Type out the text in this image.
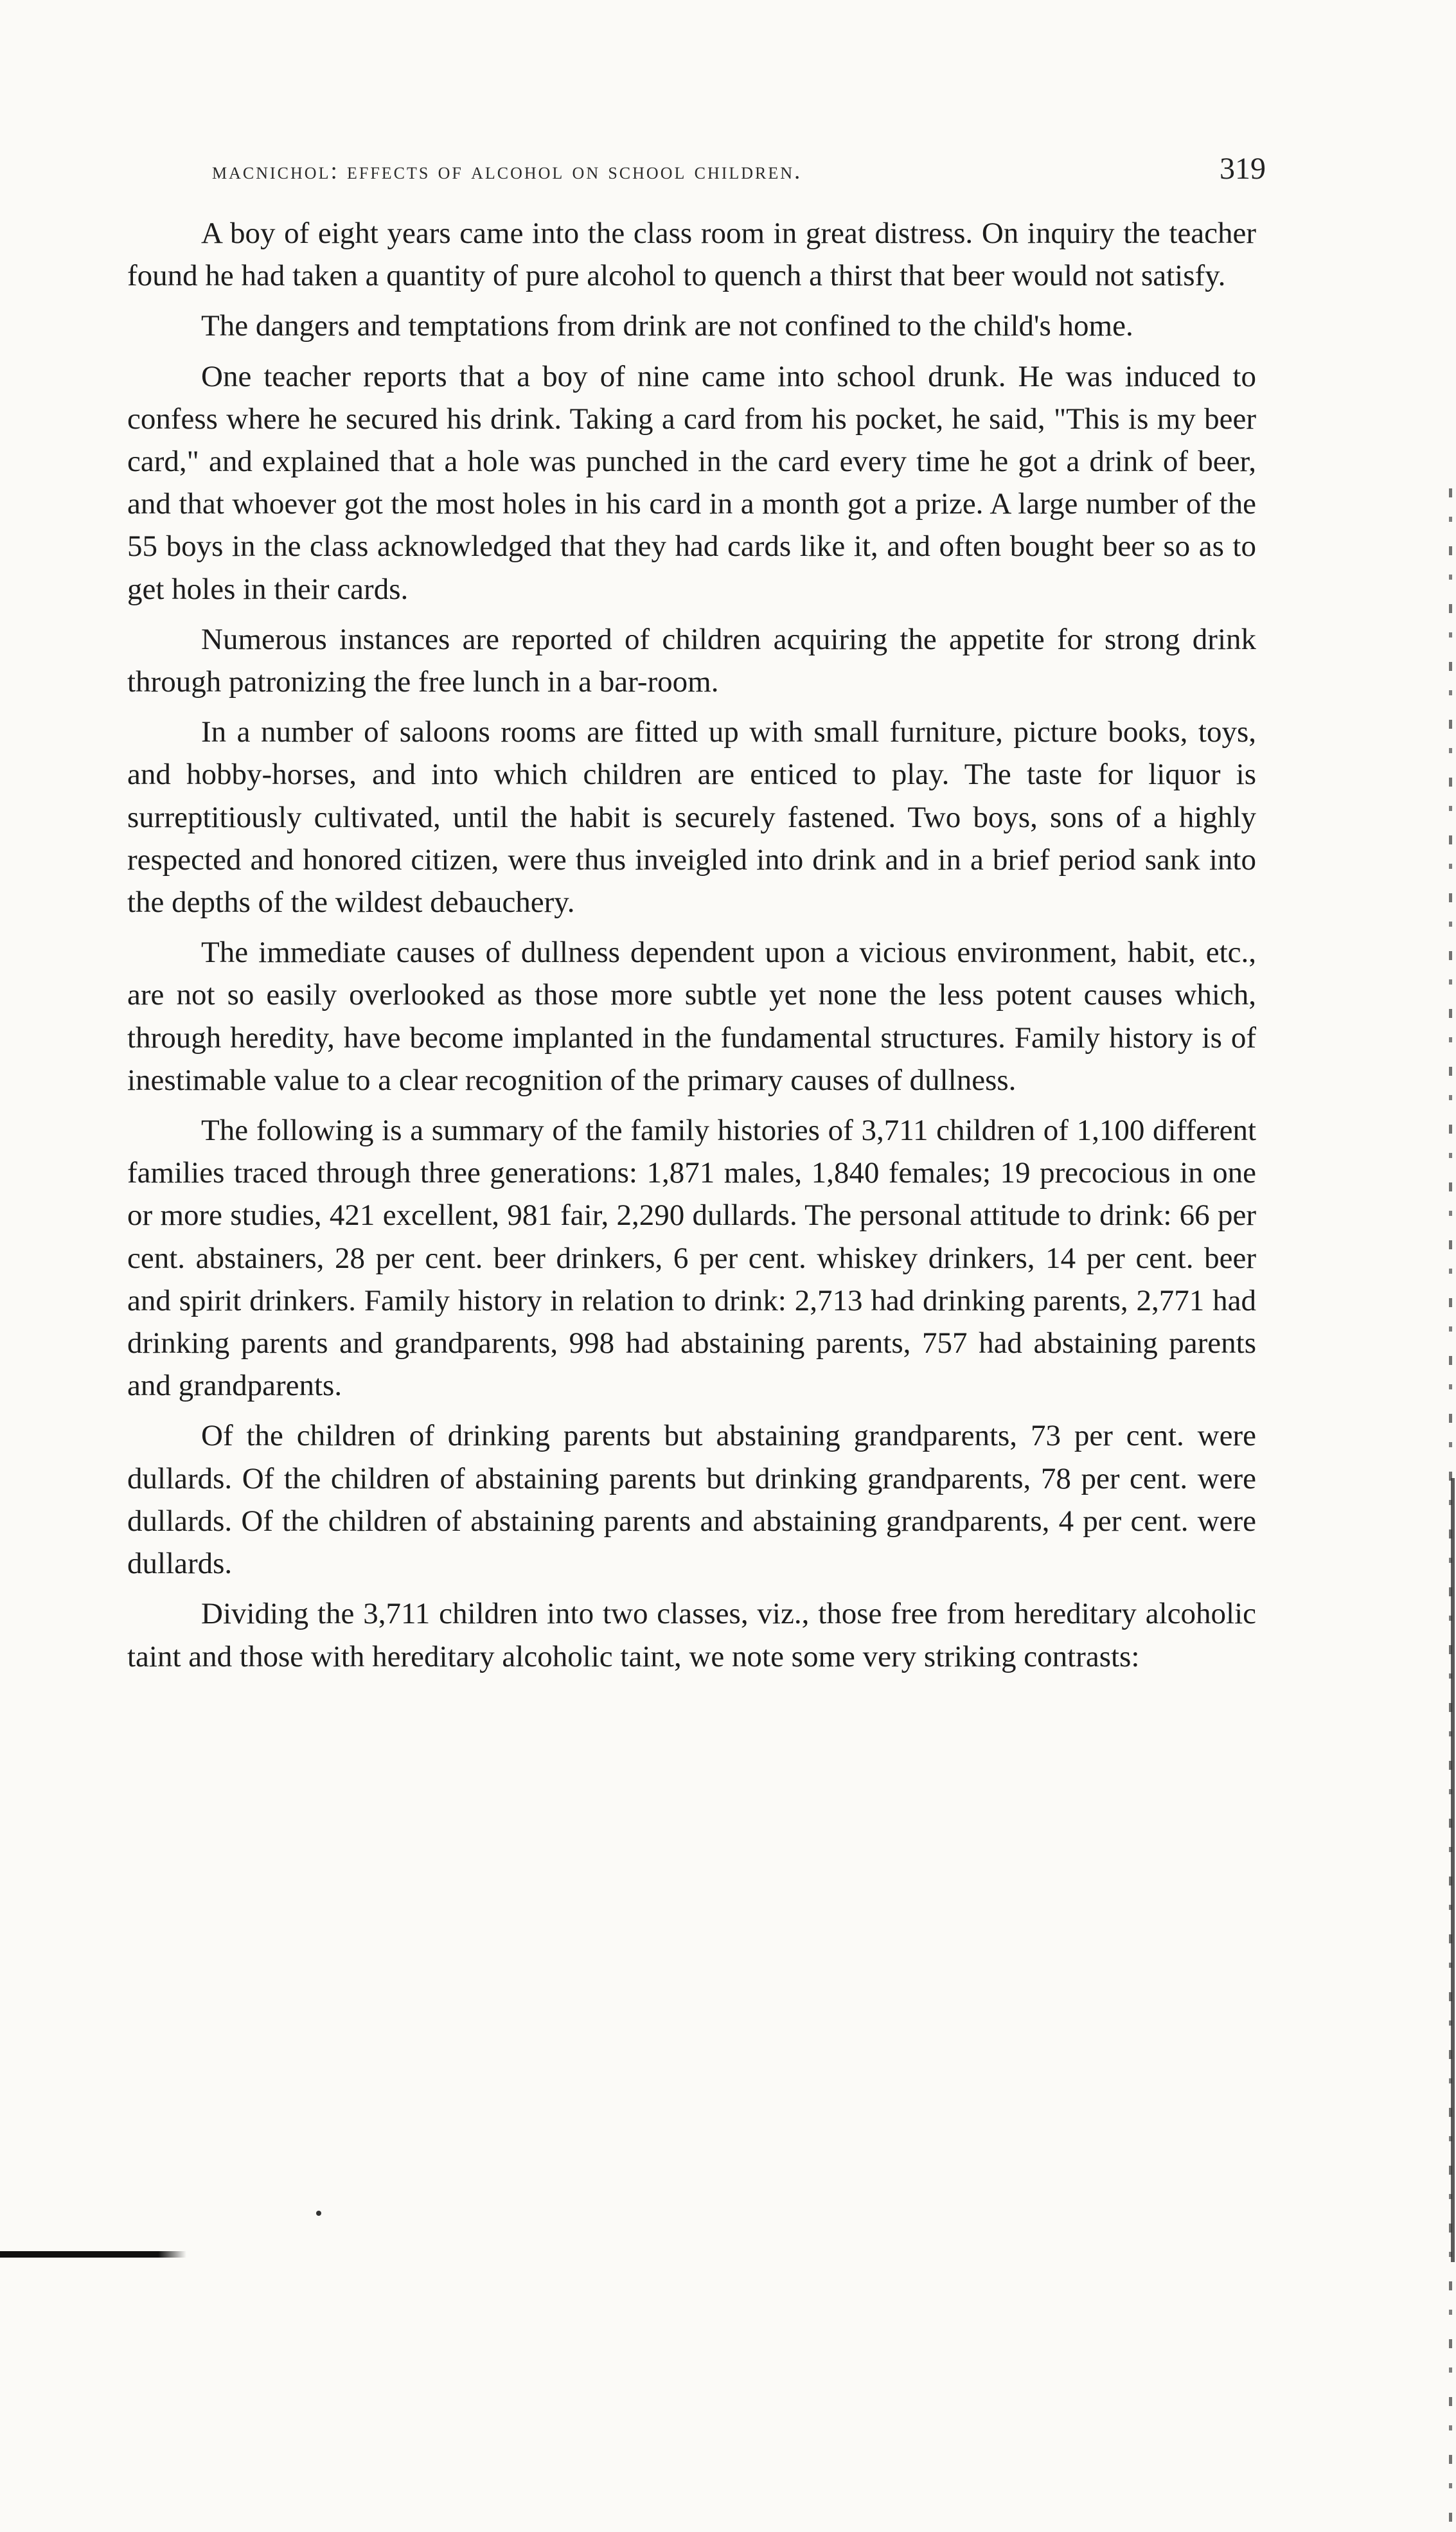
macnichol: effects of alcohol on school children.	319

A boy of eight years came into the class room in great distress. On inquiry the teacher found he had taken a quantity of pure alcohol to quench a thirst that beer would not satisfy.

The dangers and temptations from drink are not confined to the child's home.

One teacher reports that a boy of nine came into school drunk. He was induced to confess where he secured his drink. Taking a card from his pocket, he said, "This is my beer card," and explained that a hole was punched in the card every time he got a drink of beer, and that whoever got the most holes in his card in a month got a prize. A large number of the 55 boys in the class acknowledged that they had cards like it, and often bought beer so as to get holes in their cards.

Numerous instances are reported of children acquiring the appetite for strong drink through patronizing the free lunch in a bar-room.

In a number of saloons rooms are fitted up with small furniture, picture books, toys, and hobby-horses, and into which children are enticed to play. The taste for liquor is surreptitiously cultivated, until the habit is securely fastened. Two boys, sons of a highly respected and honored citizen, were thus inveigled into drink and in a brief period sank into the depths of the wildest debauchery.

The immediate causes of dullness dependent upon a vicious environment, habit, etc., are not so easily overlooked as those more subtle yet none the less potent causes which, through heredity, have become implanted in the fundamental structures. Family history is of inestimable value to a clear recognition of the primary causes of dullness.

The following is a summary of the family histories of 3,711 children of 1,100 different families traced through three generations: 1,871 males, 1,840 females; 19 precocious in one or more studies, 421 excellent, 981 fair, 2,290 dullards. The personal attitude to drink: 66 per cent. abstainers, 28 per cent. beer drinkers, 6 per cent. whiskey drinkers, 14 per cent. beer and spirit drinkers. Family history in relation to drink: 2,713 had drinking parents, 2,771 had drinking parents and grandparents, 998 had abstaining parents, 757 had abstaining parents and grandparents.

Of the children of drinking parents but abstaining grandparents, 73 per cent. were dullards. Of the children of abstaining parents but drinking grandparents, 78 per cent. were dullards. Of the children of abstaining parents and abstaining grandparents, 4 per cent. were dullards.

Dividing the 3,711 children into two classes, viz., those free from hereditary alcoholic taint and those with hereditary alcoholic taint, we note some very striking contrasts:
